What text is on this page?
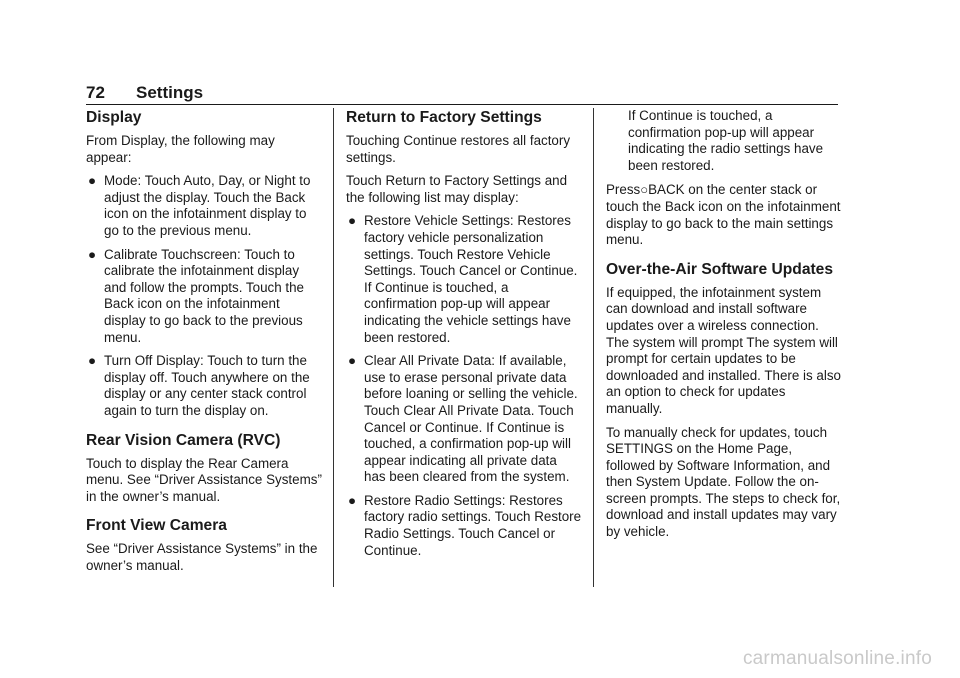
72 Settings
Display

From Display, the following may appear:

● Mode: Touch Auto, Day, or Night to adjust the display. Touch the Back icon on the infotainment display to go to the previous menu.
● Calibrate Touchscreen: Touch to calibrate the infotainment display and follow the prompts. Touch the Back icon on the infotainment display to go back to the previous menu.
● Turn Off Display: Touch to turn the display off. Touch anywhere on the display or any center stack control again to turn the display on.
Rear Vision Camera (RVC)

Touch to display the Rear Camera menu. See “Driver Assistance Systems” in the owner’s manual.

Front View Camera

See “Driver Assistance Systems” in the owner’s manual.

Return to Factory Settings

Touching Continue restores all factory settings.

Touch Return to Factory Settings and the following list may display:

● Restore Vehicle Settings: Restores factory vehicle personalization settings. Touch Restore Vehicle Settings. Touch Cancel or Continue. If Continue is touched, a confirmation pop-up will appear indicating the vehicle settings have been restored.
● Clear All Private Data: If available, use to erase personal private data before loaning or selling the vehicle. Touch Clear All Private Data. Touch Cancel or Continue. If Continue is touched, a confirmation pop-up will appear indicating all private data has been cleared from the system.
● Restore Radio Settings: Restores factory radio settings. Touch Restore Radio Settings. Touch Cancel or Continue.

If Continue is touched, a confirmation pop-up will appear indicating the radio settings have been restored.

Press○BACK on the center stack or touch the Back icon on the infotainment display to go back to the main settings menu.

Over-the-Air Software Updates

If equipped, the infotainment system can download and install software updates over a wireless connection. The system will prompt The system will prompt for certain updates to be downloaded and installed. There is also an option to check for updates manually.

To manually check for updates, touch SETTINGS on the Home Page, followed by Software Information, and then System Update. Follow the on-screen prompts. The steps to check for, download and install updates may vary by vehicle.

carmanualsonline.info
